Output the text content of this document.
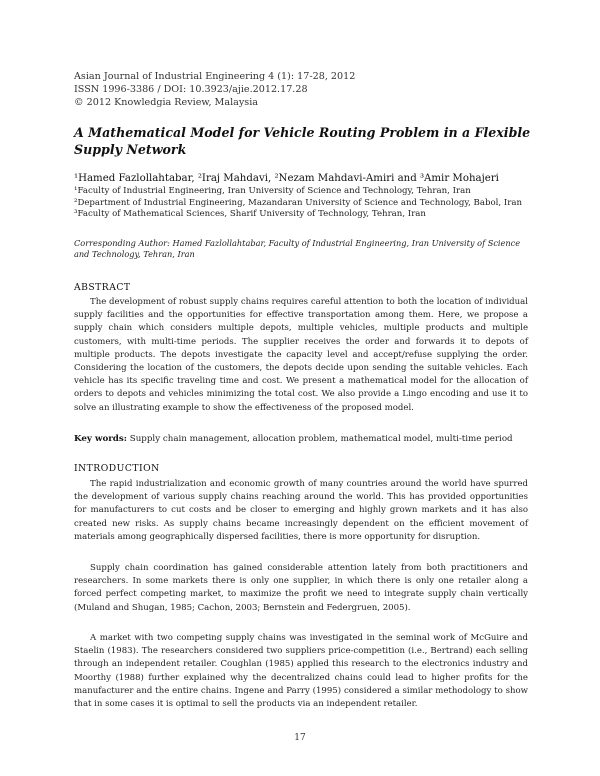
Asian Journal of Industrial Engineering 4 (1): 17-28, 2012
ISSN 1996-3386 / DOI: 10.3923/ajie.2012.17.28
© 2012 Knowledgia Review, Malaysia
A Mathematical Model for Vehicle Routing Problem in a Flexible Supply Network
¹Hamed Fazlollahtabar, ²Iraj Mahdavi, ²Nezam Mahdavi-Amiri and ³Amir Mohajeri
¹Faculty of Industrial Engineering, Iran University of Science and Technology, Tehran, Iran
²Department of Industrial Engineering, Mazandaran University of Science and Technology, Babol, Iran
³Faculty of Mathematical Sciences, Sharif University of Technology, Tehran, Iran
Corresponding Author: Hamed Fazlollahtabar, Faculty of Industrial Engineering, Iran University of Science and Technology, Tehran, Iran
ABSTRACT

The development of robust supply chains requires careful attention to both the location of individual supply facilities and the opportunities for effective transportation among them. Here, we propose a supply chain which considers multiple depots, multiple vehicles, multiple products and multiple customers, with multi-time periods. The supplier receives the order and forwards it to depots of multiple products. The depots investigate the capacity level and accept/refuse supplying the order. Considering the location of the customers, the depots decide upon sending the suitable vehicles. Each vehicle has its specific traveling time and cost. We present a mathematical model for the allocation of orders to depots and vehicles minimizing the total cost. We also provide a Lingo encoding and use it to solve an illustrating example to show the effectiveness of the proposed model.

Key words: Supply chain management, allocation problem, mathematical model, multi-time period
INTRODUCTION

The rapid industrialization and economic growth of many countries around the world have spurred the development of various supply chains reaching around the world. This has provided opportunities for manufacturers to cut costs and be closer to emerging and highly grown markets and it has also created new risks. As supply chains became increasingly dependent on the efficient movement of materials among geographically dispersed facilities, there is more opportunity for disruption.

Supply chain coordination has gained considerable attention lately from both practitioners and researchers. In some markets there is only one supplier, in which there is only one retailer along a forced perfect competing market, to maximize the profit we need to integrate supply chain vertically (Muland and Shugan, 1985; Cachon, 2003; Bernstein and Federgruen, 2005).

A market with two competing supply chains was investigated in the seminal work of McGuire and Staelin (1983). The researchers considered two suppliers price-competition (i.e., Bertrand) each selling through an independent retailer. Coughlan (1985) applied this research to the electronics industry and Moorthy (1988) further explained why the decentralized chains could lead to higher profits for the manufacturer and the entire chains. Ingene and Parry (1995) considered a similar methodology to show that in some cases it is optimal to sell the products via an independent retailer.

17
